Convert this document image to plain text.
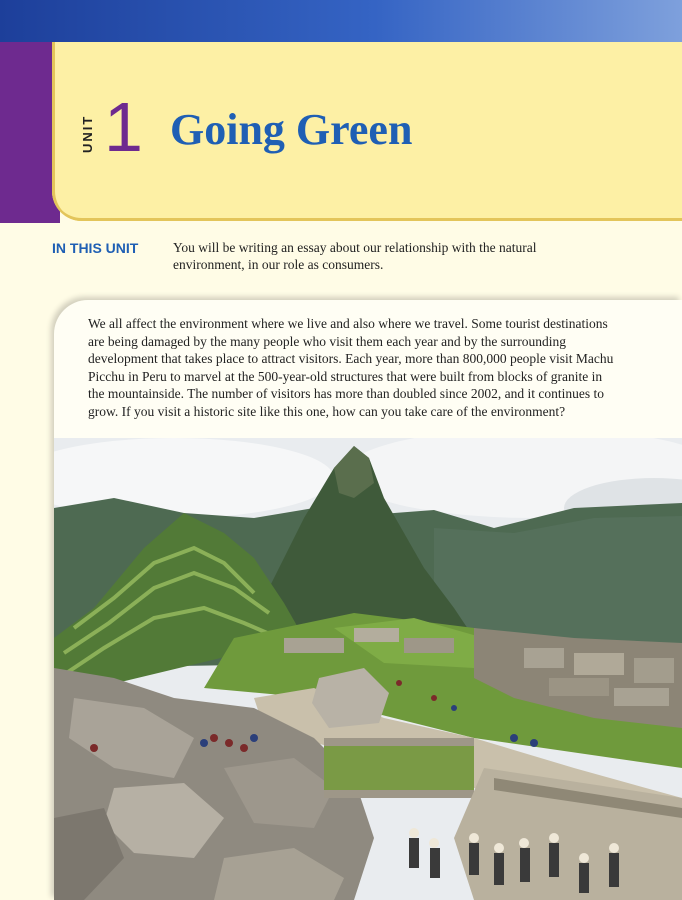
UNIT 1 Going Green
IN THIS UNIT	You will be writing an essay about our relationship with the natural environment, in our role as consumers.

We all affect the environment where we live and also where we travel. Some tourist destinations are being damaged by the many people who visit them each year and by the surrounding development that takes place to attract visitors. Each year, more than 800,000 people visit Machu Picchu in Peru to marvel at the 500-year-old structures that were built from blocks of granite in the mountainside. The number of visitors has more than doubled since 2002, and it continues to grow. If you visit a historic site like this one, how can you take care of the environment?
